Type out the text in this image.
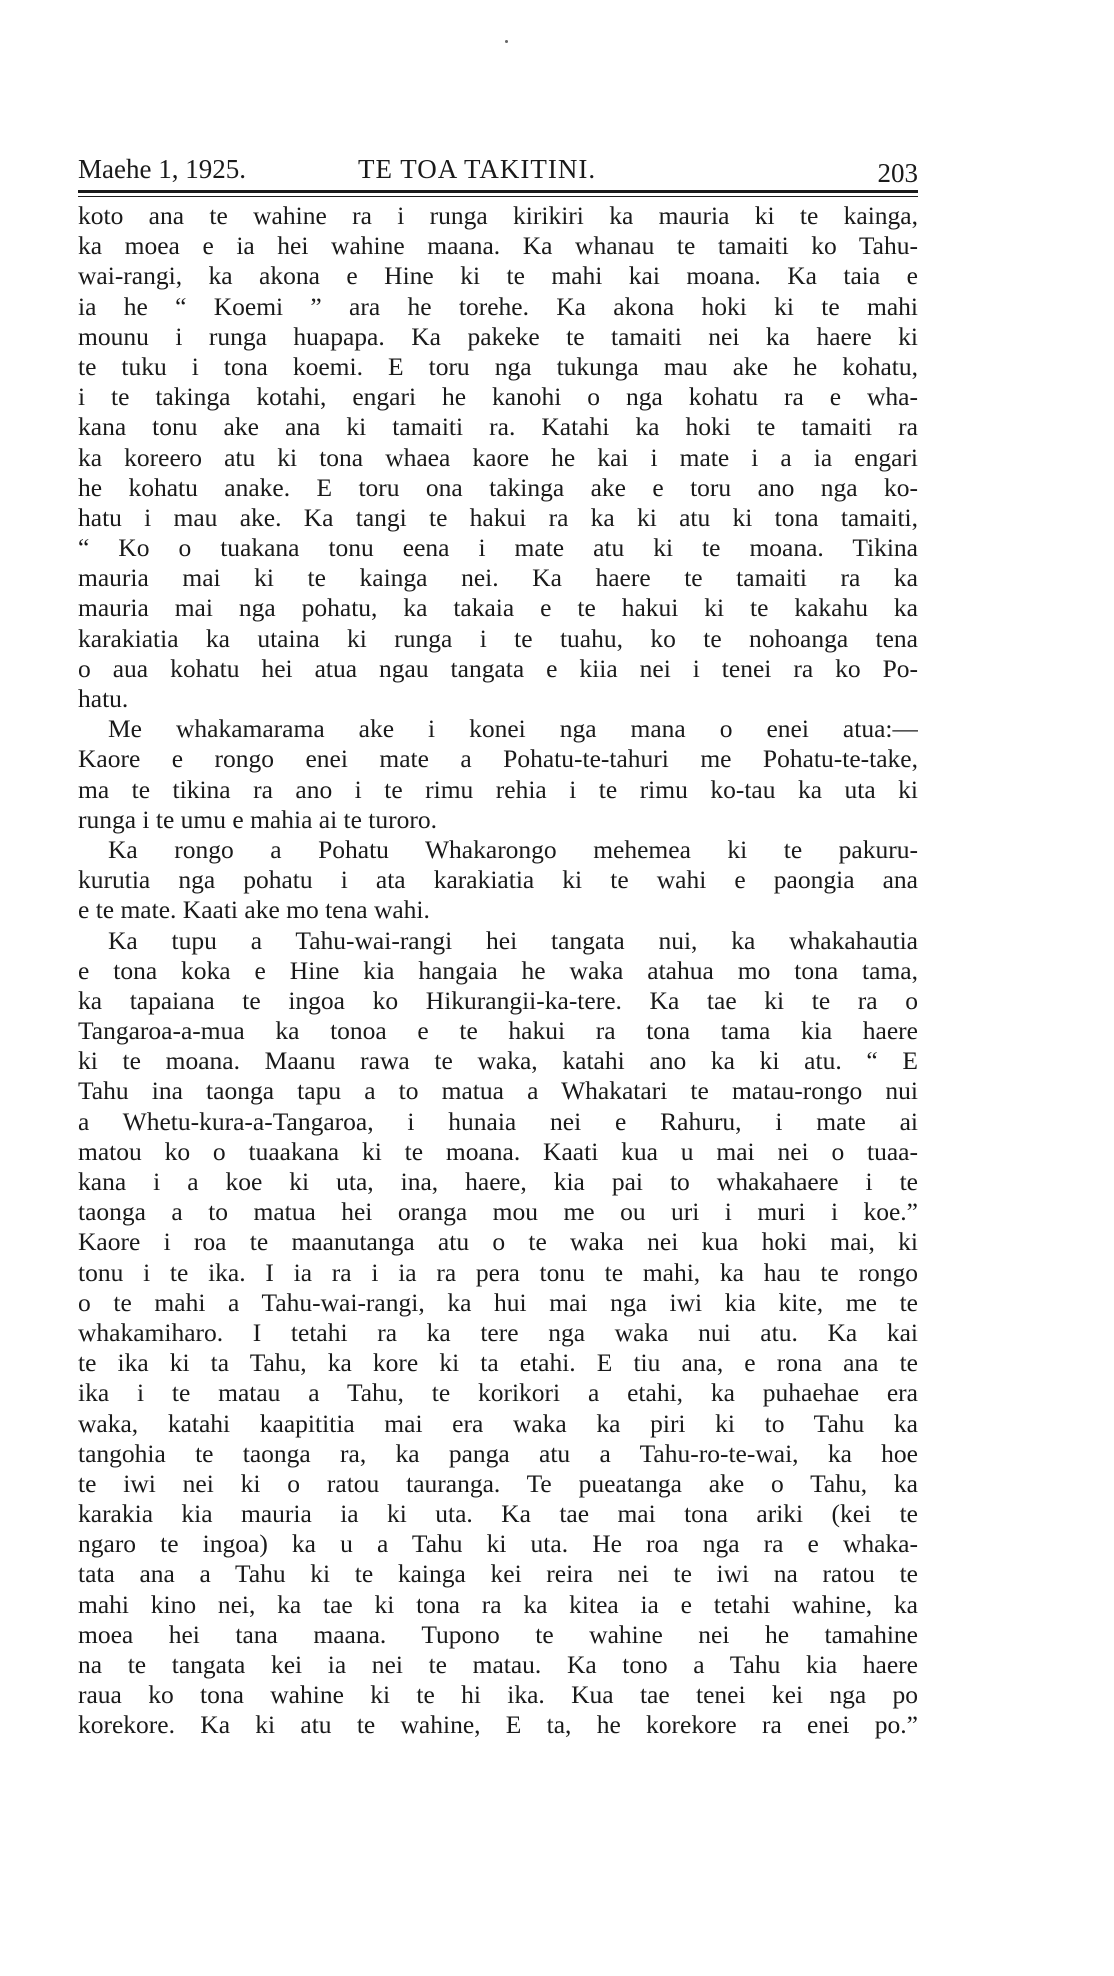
Maehe 1, 1925.	TE TOA TAKITINI.	203
koto ana te wahine ra i runga kirikiri ka mauria ki te kainga,
ka moea e ia hei wahine maana. Ka whanau te tamaiti ko Tahu-
wai-rangi, ka akona e Hine ki te mahi kai moana. Ka taia e
ia he “ Koemi ” ara he torehe. Ka akona hoki ki te mahi
mounu i runga huapapa. Ka pakeke te tamaiti nei ka haere ki
te tuku i tona koemi. E toru nga tukunga mau ake he kohatu,
i te takinga kotahi, engari he kanohi o nga kohatu ra e wha-
kana tonu ake ana ki tamaiti ra. Katahi ka hoki te tamaiti ra
ka koreero atu ki tona whaea kaore he kai i mate i a ia engari
he kohatu anake. E toru ona takinga ake e toru ano nga ko-
hatu i mau ake. Ka tangi te hakui ra ka ki atu ki tona tamaiti,
“ Ko o tuakana tonu eena i mate atu ki te moana. Tikina
mauria mai ki te kainga nei. Ka haere te tamaiti ra ka
mauria mai nga pohatu, ka takaia e te hakui ki te kakahu ka
karakiatia ka utaina ki runga i te tuahu, ko te nohoanga tena
o aua kohatu hei atua ngau tangata e kiia nei i tenei ra ko Po-
hatu.
Me whakamarama ake i konei nga mana o enei atua:—
Kaore e rongo enei mate a Pohatu-te-tahuri me Pohatu-te-take,
ma te tikina ra ano i te rimu rehia i te rimu ko-tau ka uta ki
runga i te umu e mahia ai te turoro.
Ka rongo a Pohatu Whakarongo mehemea ki te pakuru-
kurutia nga pohatu i ata karakiatia ki te wahi e paongia ana
e te mate. Kaati ake mo tena wahi.
Ka tupu a Tahu-wai-rangi hei tangata nui, ka whakahautia
e tona koka e Hine kia hangaia he waka atahua mo tona tama,
ka tapaiana te ingoa ko Hikurangii-ka-tere. Ka tae ki te ra o
Tangaroa-a-mua ka tonoa e te hakui ra tona tama kia haere
ki te moana. Maanu rawa te waka, katahi ano ka ki atu. “ E
Tahu ina taonga tapu a to matua a Whakatari te matau-rongo nui
a Whetu-kura-a-Tangaroa, i hunaia nei e Rahuru, i mate ai
matou ko o tuaakana ki te moana. Kaati kua u mai nei o tuaa-
kana i a koe ki uta, ina, haere, kia pai to whakahaere i te
taonga a to matua hei oranga mou me ou uri i muri i koe.”
Kaore i roa te maanutanga atu o te waka nei kua hoki mai, ki
tonu i te ika. I ia ra i ia ra pera tonu te mahi, ka hau te rongo
o te mahi a Tahu-wai-rangi, ka hui mai nga iwi kia kite, me te
whakamiharo. I tetahi ra ka tere nga waka nui atu. Ka kai
te ika ki ta Tahu, ka kore ki ta etahi. E tiu ana, e rona ana te
ika i te matau a Tahu, te korikori a etahi, ka puhaehae era
waka, katahi kaapititia mai era waka ka piri ki to Tahu ka
tangohia te taonga ra, ka panga atu a Tahu-ro-te-wai, ka hoe
te iwi nei ki o ratou tauranga. Te pueatanga ake o Tahu, ka
karakia kia mauria ia ki uta. Ka tae mai tona ariki (kei te
ngaro te ingoa) ka u a Tahu ki uta. He roa nga ra e whaka-
tata ana a Tahu ki te kainga kei reira nei te iwi na ratou te
mahi kino nei, ka tae ki tona ra ka kitea ia e tetahi wahine, ka
moea hei tana maana. Tupono te wahine nei he tamahine
na te tangata kei ia nei te matau. Ka tono a Tahu kia haere
raua ko tona wahine ki te hi ika. Kua tae tenei kei nga po
korekore. Ka ki atu te wahine, E ta, he korekore ra enei po.”
